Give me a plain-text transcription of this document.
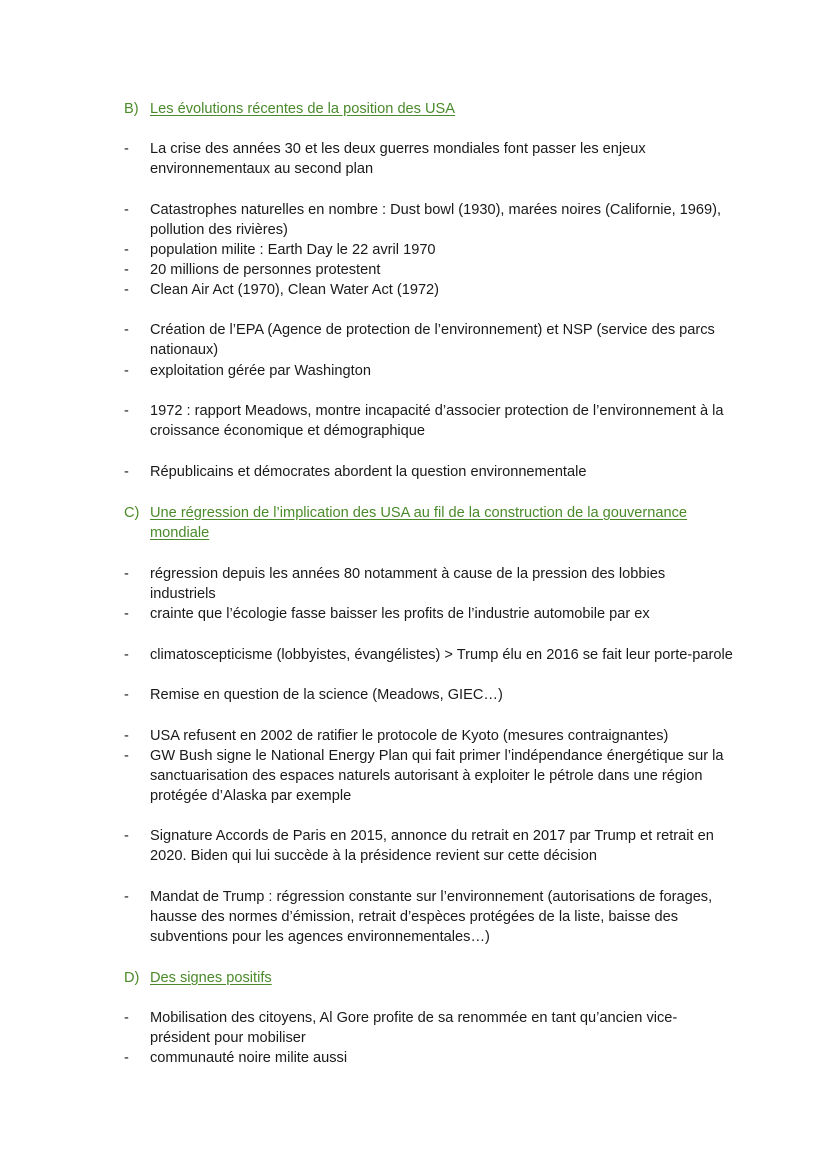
B) Les évolutions récentes de la position des USA
-	La crise des années 30 et les deux guerres mondiales font passer les enjeux environnementaux au second plan
-	Catastrophes naturelles en nombre : Dust bowl (1930), marées noires (Californie, 1969), pollution des rivières)
-	population milite : Earth Day le 22 avril 1970
-	20 millions de personnes protestent
-	Clean Air Act (1970), Clean Water Act (1972)
-	Création de l’EPA (Agence de protection de l’environnement) et NSP (service des parcs nationaux)
-	exploitation gérée par Washington
-	1972 : rapport Meadows, montre incapacité d’associer protection de l’environnement à la croissance économique et démographique
-	Républicains et démocrates abordent la question environnementale
C) Une régression de l’implication des USA au fil de la construction de la gouvernance mondiale
-	régression depuis les années 80 notamment à cause de la pression des lobbies industriels
-	crainte que l’écologie fasse baisser les profits de l’industrie automobile par ex
-	climatoscepticisme (lobbyistes, évangélistes) > Trump élu en 2016 se fait leur porte-parole
-	Remise en question de la science (Meadows, GIEC…)
-	USA refusent en 2002 de ratifier le protocole de Kyoto (mesures contraignantes)
-	GW Bush signe le National Energy Plan qui fait primer l’indépendance énergétique sur la sanctuarisation des espaces naturels autorisant à exploiter le pétrole dans une région protégée d’Alaska par exemple
-	Signature Accords de Paris en 2015, annonce du retrait en 2017 par Trump et retrait en 2020. Biden qui lui succède à la présidence revient sur cette décision
-	Mandat de Trump : régression constante sur l’environnement (autorisations de forages, hausse des normes d’émission, retrait d’espèces protégées de la liste, baisse des subventions pour les agences environnementales…)
D) Des signes positifs
-	Mobilisation des citoyens, Al Gore profite de sa renommée en tant qu’ancien vice-président pour mobiliser
-	communauté noire milite aussi
